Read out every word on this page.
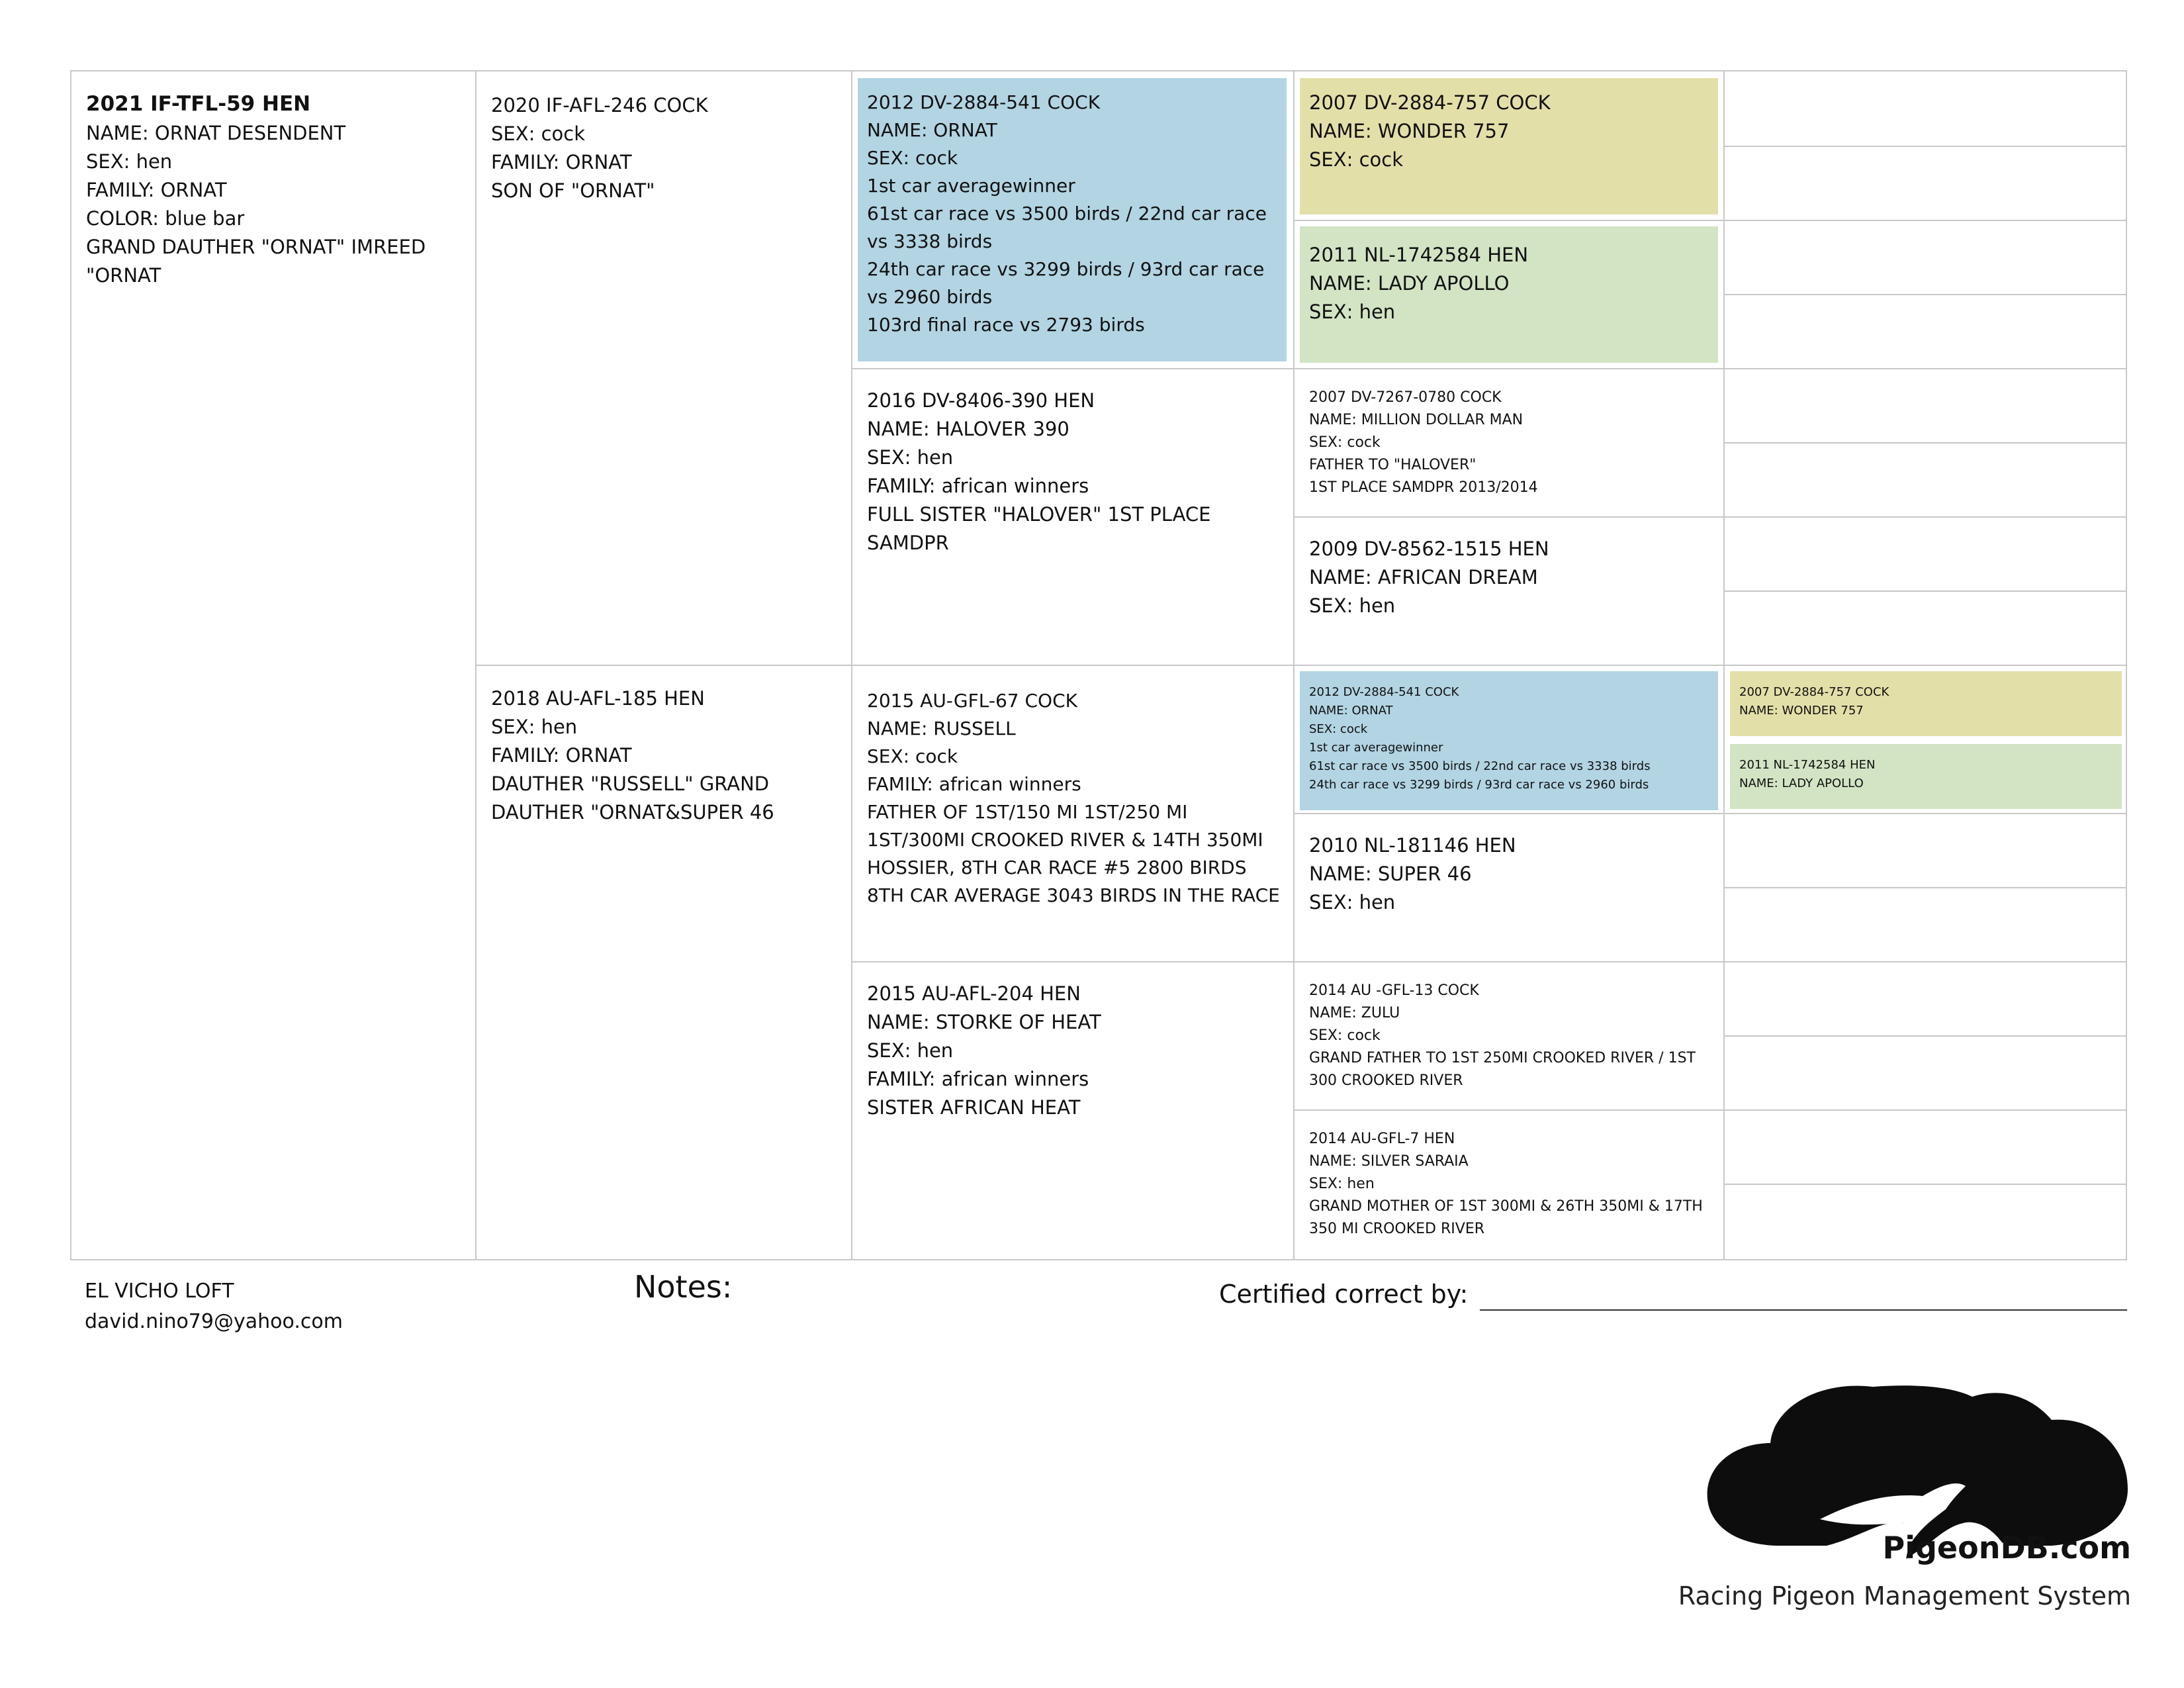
2021 IF-TFL-59 HEN
NAME: ORNAT DESENDENT
SEX: hen
FAMILY: ORNAT
COLOR: blue bar
GRAND DAUTHER "ORNAT" IMREED "ORNAT
2020 IF-AFL-246 COCK
SEX: cock
FAMILY: ORNAT
SON OF "ORNAT"
2018 AU-AFL-185 HEN
SEX: hen
FAMILY: ORNAT
DAUTHER "RUSSELL" GRAND DAUTHER "ORNAT&SUPER 46
2012 DV-2884-541 COCK
NAME: ORNAT
SEX: cock
1st car averagewinner
61st car race vs 3500 birds / 22nd car race vs 3338 birds
24th car race vs 3299 birds / 93rd car race vs 2960 birds
103rd final race vs 2793 birds
2016 DV-8406-390 HEN
NAME: HALOVER 390
SEX: hen
FAMILY: african winners
FULL SISTER "HALOVER" 1ST PLACE SAMDPR
2015 AU-GFL-67 COCK
NAME: RUSSELL
SEX: cock
FAMILY: african winners
FATHER OF 1ST/150 MI 1ST/250 MI 1ST/300MI CROOKED RIVER & 14TH 350MI HOSSIER, 8TH CAR RACE #5 2800 BIRDS 8TH CAR AVERAGE 3043 BIRDS IN THE RACE
2015 AU-AFL-204 HEN
NAME: STORKE OF HEAT
SEX: hen
FAMILY: african winners
SISTER AFRICAN HEAT
2007 DV-2884-757 COCK
NAME: WONDER 757
SEX: cock
2011 NL-1742584 HEN
NAME: LADY APOLLO
SEX: hen
2007 DV-7267-0780 COCK
NAME: MILLION DOLLAR MAN
SEX: cock
FATHER TO "HALOVER"
1ST PLACE SAMDPR 2013/2014
2009 DV-8562-1515 HEN
NAME: AFRICAN DREAM
SEX: hen
2012 DV-2884-541 COCK
NAME: ORNAT
SEX: cock
1st car averagewinner
61st car race vs 3500 birds / 22nd car race vs 3338 birds
24th car race vs 3299 birds / 93rd car race vs 2960 birds
2010 NL-181146 HEN
NAME: SUPER 46
SEX: hen
2014 AU -GFL-13 COCK
NAME: ZULU
SEX: cock
GRAND FATHER TO 1ST 250MI CROOKED RIVER / 1ST 300 CROOKED RIVER
2014 AU-GFL-7 HEN
NAME: SILVER SARAIA
SEX: hen
GRAND MOTHER OF 1ST 300MI & 26TH 350MI & 17TH 350 MI CROOKED RIVER
2007 DV-2884-757 COCK
NAME: WONDER 757
2011 NL-1742584 HEN
NAME: LADY APOLLO
EL VICHO LOFT
david.nino79@yahoo.com
Notes:	Certified correct by:
PigeonDB.com
Racing Pigeon Management System
